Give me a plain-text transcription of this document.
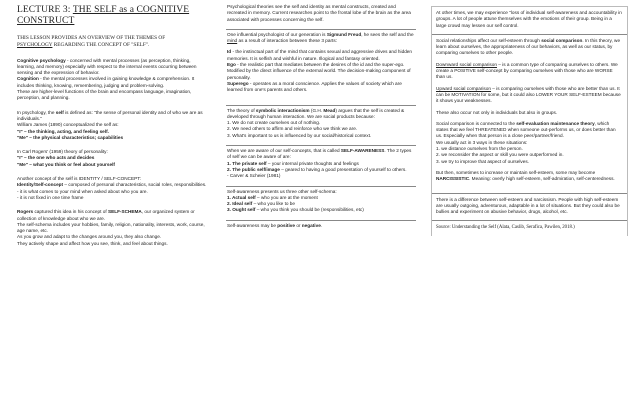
LECTURE 3: THE SELF as a COGNITIVE CONSTRUCT
THIS LESSON PROVIDES AN OVERVIEW OF THE THEMES OF
PSYCHOLOGY REGARDING THE CONCEPT OF "SELF".

Cognitive psychology - concerned with mental processes (as perception, thinking, learning, and memory) especially with respect to the internal events occurring between sensing and the expression of behavior.
Cognition - the mental processes involved in gaining knowledge & comprehension. It includes thinking, knowing, remembering, judging and problem-solving.
These are higher-level functions of the brain and encompass language, imagination, perception, and planning.

In psychology, the self is defined as: "the sense of personal identity and of who we are as individuals."
William James (1890) conceptualized the self as:
"I" – the thinking, acting, and feeling self.
"Me" – the physical characteristics; capabilities

In Carl Rogers' (1959) theory of personality:
"I" – the one who acts and decides
"Me" – what you think or feel about yourself

Another concept of the self is IDENTITY / SELF-CONCEPT:
Identity/Self-concept – composed of personal characteristics, social roles, responsibilities.
- it is what comes to your mind when asked about who you are.
- it is not fixed in one time frame

Rogers captured this idea in his concept of SELF-SCHEMA, our organized system or collection of knowledge about who we are.
The self-schema includes your hobbies, family, religion, nationality, interests, work, course, age name, etc.
As you grow and adapt to the changes around you, they also change.
They actively shape and affect how you see, think, and feel about things.

Psychological theories see the self and identity as mental constructs, created and recreated in memory. Current researches point to the frontal lobe of the brain as the area associated with processes concerning the self.

One influential psychologist of our generation is Sigmund Freud, he sees the self and the mind as a result of interaction between these 3 parts:

Id - the instinctual part of the mind that contains sexual and aggressive drives and hidden memories. It is selfish and wishful in nature. Illogical and fantasy oriented.
Ego - the realistic part that mediates between the desires of the id and the super-ego. Modified by the direct influence of the external world. The decision-making component of personality.
Superego - operates as a moral conscience. Applies the values of society which are learned from one's parents and others.

The theory of symbolic interactionism (G.H. Mead) argues that the self is created & developed through human interaction. We are social products because:
1. We do not create ourselves out of nothing.
2. We need others to affirm and reinforce who we think we are.
3. What's important to us is influenced by our social/historical context.
When we are aware of our self-concepts, that is called SELF-AWARENESS. The 2 types of self we can be aware of are:
1. The private self – your internal private thoughts and feelings
2. The public self/image – geared to having a good presentation of yourself to others.
- Carver & Scheier (1981)
Self-awareness presents us three other self-schema:
1. Actual self – who you are at the moment
2. Ideal self – who you like to be
3. Ought self – who you think you should be (responsibilities, etc)
Self-awareness may be positive or negative.
At other times, we may experience "loss of individual self-awareness and accountability in groups. A lot of people attune themselves with the emotions of their group. Being in a large crowd may lessen our self control.

Social relationships affect our self-esteem through social comparison. In this theory, we learn about ourselves, the appropriateness of our behaviors, as well as our status, by comparing ourselves to other people.

Downward social comparison – is a common type of comparing ourselves to others. We create a POSITIVE self-concept by comparing ourselves with those who are WORSE than us.

Upward social comparison – is comparing ourselves with those who are better than us. It can be MOTIVATION for some, but it could also LOWER YOUR SELF-ESTEEM because it shows your weaknesses.

These also occur not only in individuals but also in groups.

Social comparison is connected to the self-evaluation maintenance theory, which states that we feel THREATENED when someone out-performs us, or does better than us. Especially when that person is a close peer/partner/friend.
We usually act in 3 ways in these situations:
1. we distance ourselves from the person.
2. we reconsider the aspect or skill you were outperformed in.
3. we try to improve that aspect of ourselves.

But then, sometimes to increase or maintain self-esteem, some may become NARCISSISTIC. Meaning: overly high self-esteem, self-admiration, self-centeredness.

There is a difference between self-esteem and narcissism. People with high self-esteem are usually outgoing, adventurous, adaptable in a lot of situations. But they could also be bullies and experiment on abusive behavior, drugs, alcohol, etc.
Source: Understanding the Self (Alata, Caslib, Serafica, Pawilen, 2018.)
